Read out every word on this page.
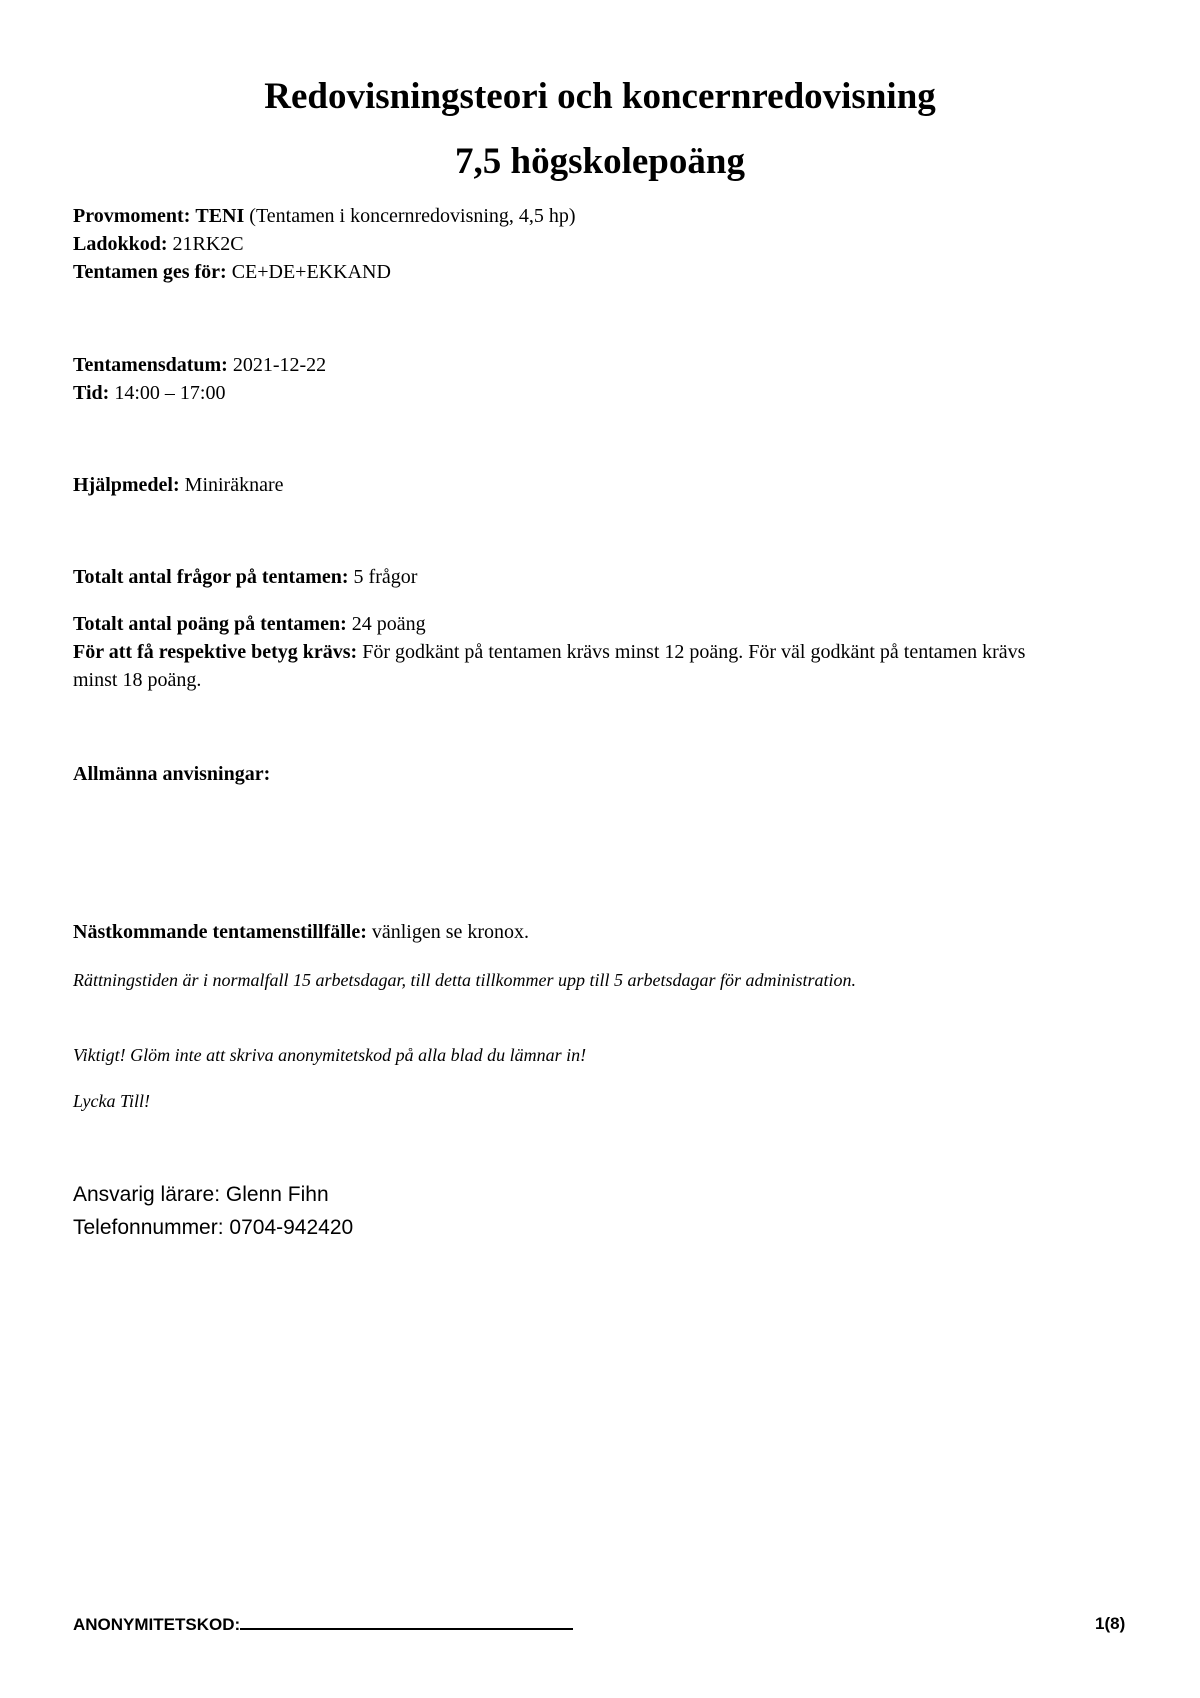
Redovisningsteori och koncernredovisning
7,5 högskolepoäng
Provmoment: TENI (Tentamen i koncernredovisning, 4,5 hp)
Ladokkod: 21RK2C
Tentamen ges för: CE+DE+EKKAND
Tentamensdatum: 2021-12-22
Tid: 14:00 – 17:00
Hjälpmedel: Miniräknare
Totalt antal frågor på tentamen: 5 frågor
Totalt antal poäng på tentamen: 24 poäng
För att få respektive betyg krävs: För godkänt på tentamen krävs minst 12 poäng. För väl godkänt på tentamen krävs minst 18 poäng.
Allmänna anvisningar:
Nästkommande tentamenstillfälle: vänligen se kronox.
Rättningstiden är i normalfall 15 arbetsdagar, till detta tillkommer upp till 5 arbetsdagar för administration.
Viktigt! Glöm inte att skriva anonymitetskod på alla blad du lämnar in!
Lycka Till!
Ansvarig lärare: Glenn Fihn
Telefonnummer: 0704-942420
ANONYMITETSKOD:	1(8)
